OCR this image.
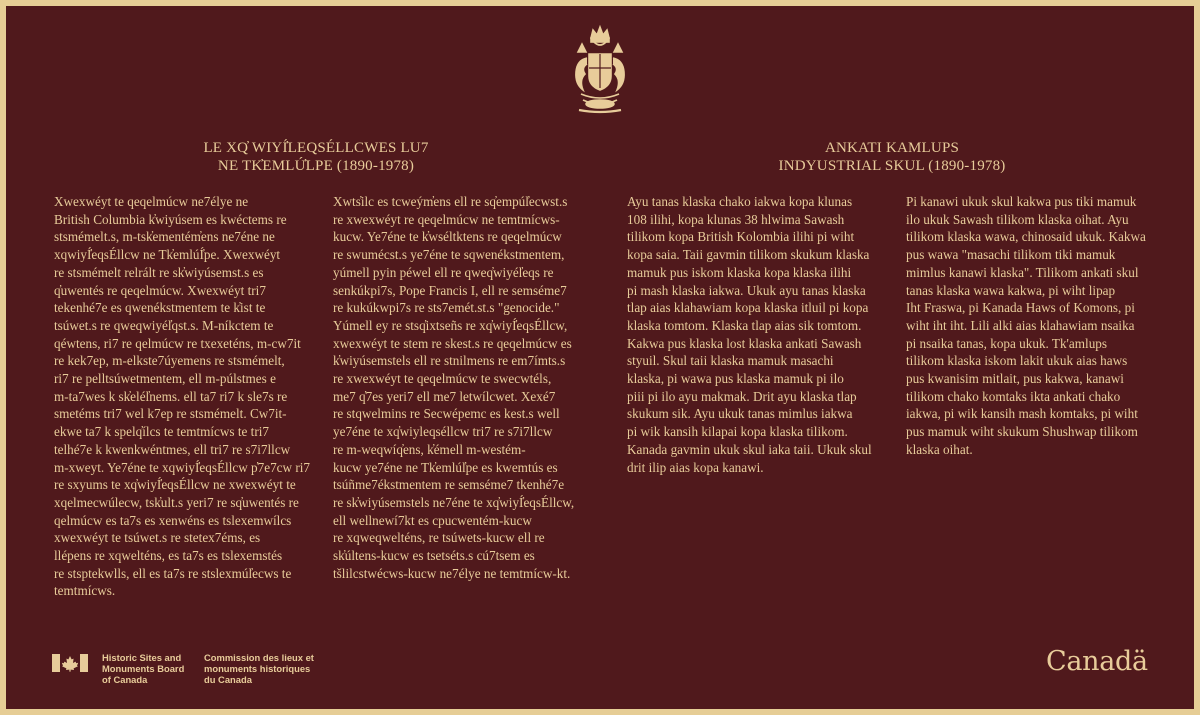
LE XQ̓ WIYÍ̓LEQSÉLLCWES LU7
NE TK̓EMLÚ̓LPE (1890-1978)
ANKATI KAMLUPS
INDYUSTRIAL SKUL (1890-1978)
Xwexwéyt te qeqelmúcw ne7élye ne
British Columbia k̓wiyúsem es kwéctems re
stsmémelt.s, m-tsk̓ementém̓ens ne7éne ne
xqwiyÍ̓eqsÉllcw ne Tk̓emlúÍ̓pe. Xwexwéyt
re stsmémelt relrált re sk̓wiyúsemst.s es
q̓uwentés re qeqelmúcw. Xwexwéyt tri7
tekenhé7e es qwenékstmentem te k̓ist te
tsúwet.s re qweqwiyél̓qst.s. M-níkctem te
qéwtens, ri7 re qelmúcw re txexeténs, m-cw7it
re kek7ep, m-elkste7úyemens re stsmémelt,
ri7 re pelltsúwetmentem, ell m-púlstmes e
m-ta7wes k sk̓elél̓nems. ell ta7 ri7 k sle7s re
smetéms tri7 wel k7ep re stsmémelt. Cw7it-
ekwe ta7 k spelq̓ílcs te temtmícws te tri7
telhé7e k kwenkwéntmes, ell tri7 re s7i7llcw
m-xweyt. Ye7éne te xqwiyÍ̓eqsÉllcw p̓7e7cw ri7
re sxyums te xq̓wiyÍ̓eqsÉllcw ne xwexwéyt te
xqelmecwúlecw, tsk̓ult.s yeri7 re sq̓uwentés re
qelmúcw es ta7s es xenwéns es tslexemwílcs
xwexwéyt te tsúwet.s re stetex7éms, es
llépens re xqwelténs, es ta7s es tslexemstés
re stsptekwlls, ell es ta7s re stslexmúl̓ecws te
temtmícws.
Xwts̓ilc es tcweým̓ens ell re sq̓empúl̓ecwst.s
re xwexwéyt re qeqelmúcw ne temtmícws-
kucw. Ye7éne te k̓wséltktens re qeqelmúcw
re swumécst.s ye7éne te sqwenékstmentem,
yúmell pyin péwel ell re qweq̓wiyél̓eqs re
senkúkpi7s, Pope Francis I, ell re semséme7
re kukúkwpi7s re sts7emét.st.s "genocide."
Yúmell ey re stsq̓ixtseñs re xq̓wiyÍ̓eqsÉllcw,
xwexwéyt te stem re skest.s re qeqelmúcw es
k̓wiyúsemstels ell re stnilmens re em7ímts.s
re xwexwéyt te qeqelmúcw te swecwtéls,
me7 q̓7es yeri7 ell me7 letwílcwet. Xexé7
re stqwelmins re Secwépemc es kest.s well
ye7éne te xq̓wiyleqséllcw tri7 re s7i7llcw
re m-weqwíq̓ens, k̓émell m-westém-
kucw ye7éne ne Tk̓emlúl̓pe es kwemtús es
tsúñme7ékstmentem re semséme7 tkenhé7e
re sk̓wiyúsemstels ne7éne te xq̓wiyÍ̓eqsÉllcw,
ell wellnewí7kt es cpucwentém-kucw
re xqweqwelténs, re tsúwets-kucw ell re
sk̓últens-kucw es tsetséts.s cú7tsem es
tšlilcstwécws-kucw ne7élye ne temtmícw-kt.
Ayu tanas klaska chako iakwa kopa klunas
108 ilihi, kopa klunas 38 hlwima Sawash
tilikom kopa British Kolombia ilihi pi wiht
kopa saia. Taii gavmin tilikom skukum klaska
mamuk pus iskom klaska kopa klaska ilihi
pi mash klaska iakwa. Ukuk ayu tanas klaska
tlap aias klahawiam kopa klaska itluil pi kopa
klaska tomtom. Klaska tlap aias sik tomtom.
Kakwa pus klaska lost klaska ankati Sawash
styuil. Skul taii klaska mamuk masachi
klaska, pi wawa pus klaska mamuk pi ilo
piii pi ilo ayu makmak. Drit ayu klaska tlap
skukum sik. Ayu ukuk tanas mimlus iakwa
pi wik kansih kilapai kopa klaska tilikom.
Kanada gavmin ukuk skul iaka taii. Ukuk skul
drit ilip aias kopa kanawi.
Pi kanawi ukuk skul kakwa pus tiki mamuk
ilo ukuk Sawash tilikom klaska oihat. Ayu
tilikom klaska wawa, chinosaid ukuk. Kakwa
pus wawa "masachi tilikom tiki mamuk
mimlus kanawi klaska". Tilikom ankati skul
tanas klaska wawa kakwa, pi wiht lipap
Iht Fraswa, pi Kanada Haws of Komons, pi
wiht iht iht. Lili alki aias klahawiam nsaika
pi nsaika tanas, kopa ukuk. Tk'amlups
tilikom klaska iskom lakit ukuk aias haws
pus kwanisim mitlait, pus kakwa, kanawi
tilikom chako komtaks ikta ankati chako
iakwa, pi wik kansih mash komtaks, pi wiht
pus mamuk wiht skukum Shushwap tilikom
klaska oihat.
Historic Sites and
Monuments Board
of Canada
Commission des lieux et
monuments historiques
du Canada
Canadä
